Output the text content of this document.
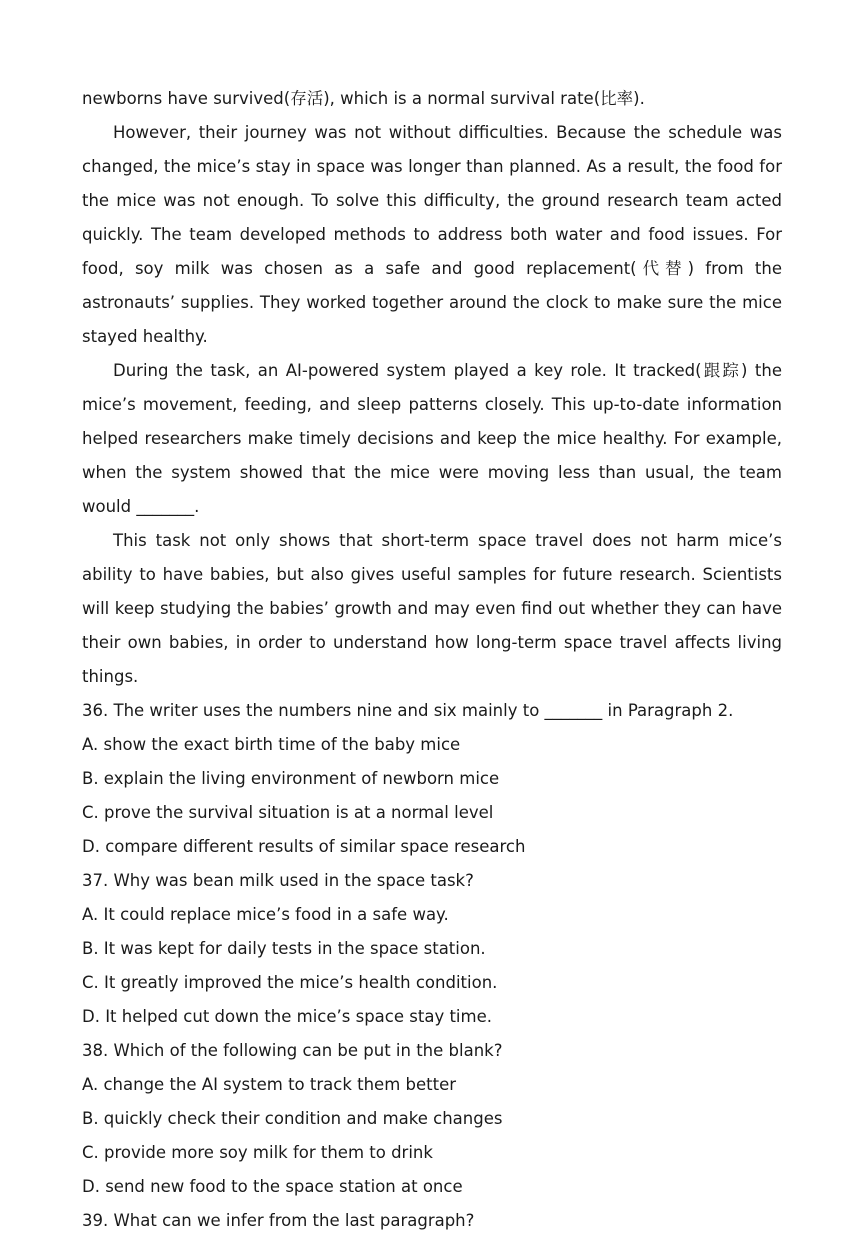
newborns have survived(存活), which is a normal survival rate(比率).

However, their journey was not without difficulties. Because the schedule was changed, the mice’s stay in space was longer than planned. As a result, the food for the mice was not enough. To solve this difficulty, the ground research team acted quickly. The team developed methods to address both water and food issues. For food, soy milk was chosen as a safe and good replacement(代替) from the astronauts’ supplies. They worked together around the clock to make sure the mice stayed healthy.

During the task, an AI-powered system played a key role. It tracked(跟踪) the mice’s movement, feeding, and sleep patterns closely. This up-to-date information helped researchers make timely decisions and keep the mice healthy. For example, when the system showed that the mice were moving less than usual, the team would _______.

This task not only shows that short-term space travel does not harm mice’s ability to have babies, but also gives useful samples for future research. Scientists will keep studying the babies’ growth and may even find out whether they can have their own babies, in order to understand how long-term space travel affects living things.

36. The writer uses the numbers nine and six mainly to _______ in Paragraph 2.

A. show the exact birth time of the baby mice

B. explain the living environment of newborn mice

C. prove the survival situation is at a normal level

D. compare different results of similar space research

37. Why was bean milk used in the space task?

A. It could replace mice’s food in a safe way.

B. It was kept for daily tests in the space station.

C. It greatly improved the mice’s health condition.

D. It helped cut down the mice’s space stay time.

38. Which of the following can be put in the blank?

A. change the AI system to track them better

B. quickly check their condition and make changes

C. provide more soy milk for them to drink

D. send new food to the space station at once

39. What can we infer from the last paragraph?
